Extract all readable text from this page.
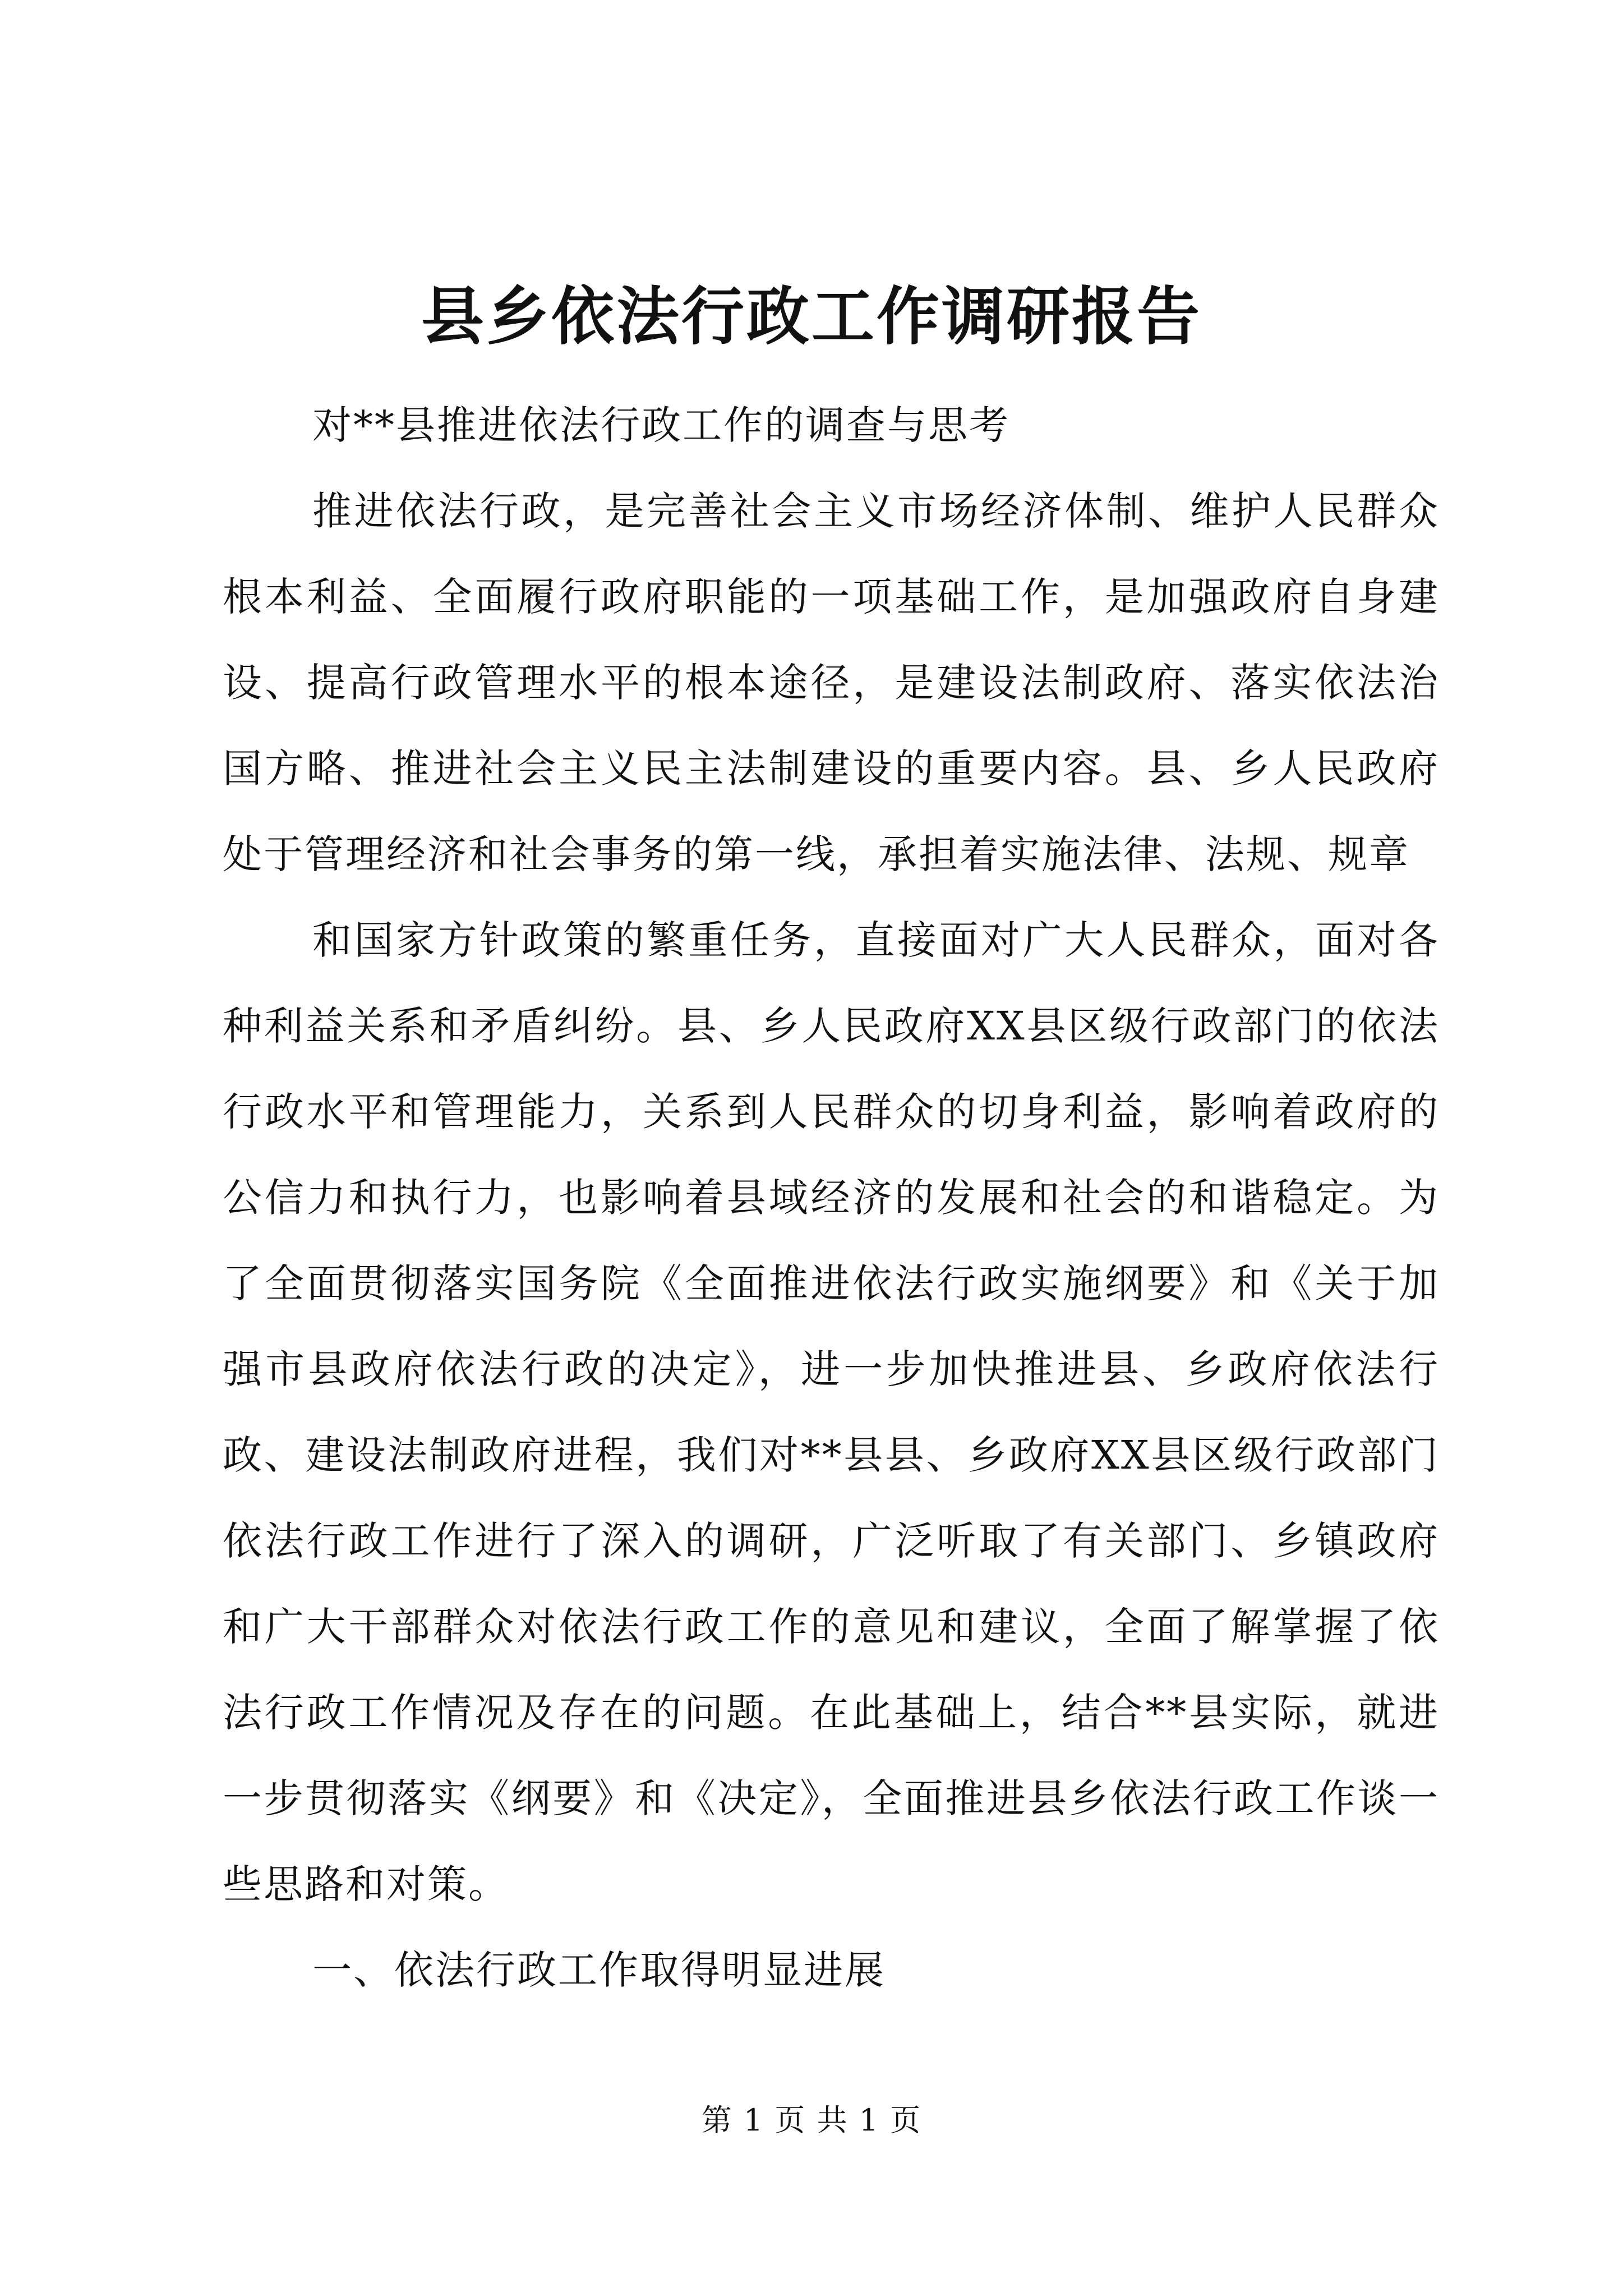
县乡依法行政工作调研报告

对**县推进依法行政工作的调查与思考

推进依法行政，是完善社会主义市场经济体制、维护人民群众根本利益、全面履行政府职能的一项基础工作，是加强政府自身建设、提高行政管理水平的根本途径，是建设法制政府、落实依法治国方略、推进社会主义民主法制建设的重要内容。县、乡人民政府处于管理经济和社会事务的第一线，承担着实施法律、法规、规章

和国家方针政策的繁重任务，直接面对广大人民群众，面对各种利益关系和矛盾纠纷。县、乡人民政府XX县区级行政部门的依法行政水平和管理能力，关系到人民群众的切身利益，影响着政府的公信力和执行力，也影响着县域经济的发展和社会的和谐稳定。为了全面贯彻落实国务院《全面推进依法行政实施纲要》和《关于加强市县政府依法行政的决定》，进一步加快推进县、乡政府依法行政、建设法制政府进程，我们对**县县、乡政府XX县区级行政部门依法行政工作进行了深入的调研，广泛听取了有关部门、乡镇政府和广大干部群众对依法行政工作的意见和建议，全面了解掌握了依法行政工作情况及存在的问题。在此基础上，结合**县实际，就进一步贯彻落实《纲要》和《决定》，全面推进县乡依法行政工作谈一些思路和对策。

一、依法行政工作取得明显进展

第 1 页 共 1 页
